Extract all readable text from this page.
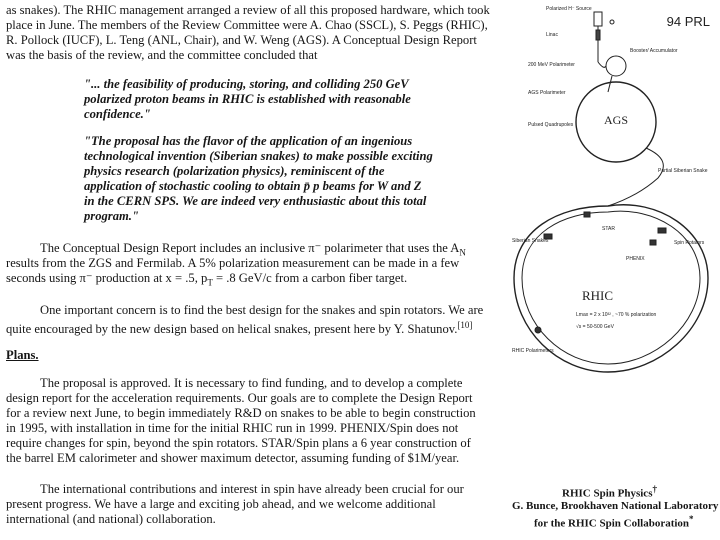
94 PRL
as snakes). The RHIC management arranged a review of all this proposed hardware, which took
place in June. The members of the Review Committee were A. Chao (SSCL), S. Peggs (RHIC),
R. Pollock (IUCF), L. Teng (ANL, Chair), and W. Weng (AGS). A Conceptual Design Report
was the basis of the review, and the committee concluded that
"... the feasibility of producing, storing, and colliding 250 GeV
polarized proton beams in RHIC is established with reasonable
confidence."
"The proposal has the flavor of the application of an ingenious
technological invention (Siberian snakes) to make possible exciting
physics research (polarization physics), reminiscent of the
application of stochastic cooling to obtain p̄ p beams for W and Z
in the CERN SPS. We are indeed very enthusiastic about this total
program."
The Conceptual Design Report includes an inclusive π⁻ polarimeter that uses the $A_N$
results from the ZGS and Fermilab. A 5% polarization measurement can be made in a few
seconds using π⁻ production at x = .5, $p_T = .8$ GeV/c from a carbon fiber target.
One important concern is to find the best design for the snakes and spin rotators. We are
quite encouraged by the new design based on helical snakes, present here by Y. Shatunov.[10]
Plans.
The proposal is approved. It is necessary to find funding, and to develop a complete
design report for the acceleration requirements. Our goals are to complete the Design Report
for a review next June, to begin immediately R&D on snakes to be able to begin construction
in 1995, with installation in time for the initial RHIC run in 1999. PHENIX/Spin does not
require changes for spin, beyond the spin rotators. STAR/Spin plans a 6 year construction of
the barrel EM calorimeter and shower maximum detector, assuming funding of $1M/year.
The international contributions and interest in spin have already been crucial for our
present progress. We have a large and exciting job ahead, and we welcome additional
international (and national) collaboration.
Polarized H⁻ Source
Linac
Booster/ Accumulator
200 MeV Polarimeter
AGS Polarimeter
AGS
Pulsed Quadrupoles
Partial Siberian Snake
STAR
Siberian Snakes	Spin Rotators
PHENIX
RHIC
Lmax = 2 x 10³² , ~70 % polarization
√s = 50-500 GeV
RHIC Polarimeters
RHIC Spin Physics†
G. Bunce, Brookhaven National Laboratory
for the RHIC Spin Collaboration*
